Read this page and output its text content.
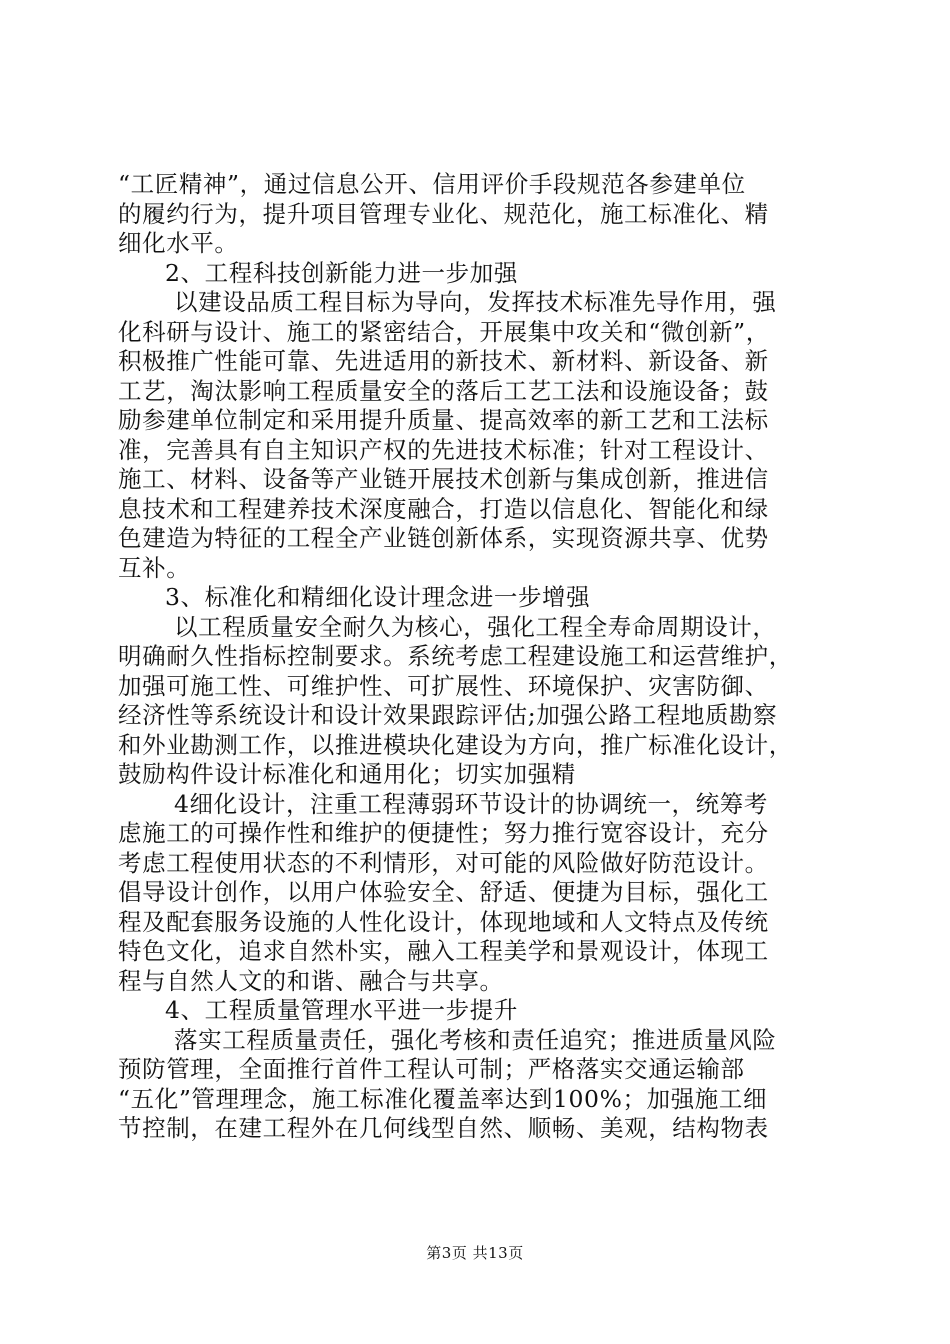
“工匠精神”，通过信息公开、信用评价手段规范各参建单位
的履约行为，提升项目管理专业化、规范化，施工标准化、精
细化水平。
2、工程科技创新能力进一步加强
以建设品质工程目标为导向，发挥技术标准先导作用，强
化科研与设计、施工的紧密结合，开展集中攻关和“微创新”，
积极推广性能可靠、先进适用的新技术、新材料、新设备、新
工艺，淘汰影响工程质量安全的落后工艺工法和设施设备；鼓
励参建单位制定和采用提升质量、提高效率的新工艺和工法标
准，完善具有自主知识产权的先进技术标准；针对工程设计、
施工、材料、设备等产业链开展技术创新与集成创新，推进信
息技术和工程建养技术深度融合，打造以信息化、智能化和绿
色建造为特征的工程全产业链创新体系，实现资源共享、优势
互补。
3、标准化和精细化设计理念进一步增强
以工程质量安全耐久为核心，强化工程全寿命周期设计，
明确耐久性指标控制要求。系统考虑工程建设施工和运营维护，
加强可施工性、可维护性、可扩展性、环境保护、灾害防御、
经济性等系统设计和设计效果跟踪评估;加强公路工程地质勘察
和外业勘测工作，以推进模块化建设为方向，推广标准化设计，
鼓励构件设计标准化和通用化；切实加强精
4细化设计，注重工程薄弱环节设计的协调统一，统筹考
虑施工的可操作性和维护的便捷性；努力推行宽容设计，充分
考虑工程使用状态的不利情形，对可能的风险做好防范设计。
倡导设计创作，以用户体验安全、舒适、便捷为目标，强化工
程及配套服务设施的人性化设计，体现地域和人文特点及传统
特色文化，追求自然朴实，融入工程美学和景观设计，体现工
程与自然人文的和谐、融合与共享。
4、工程质量管理水平进一步提升
落实工程质量责任，强化考核和责任追究；推进质量风险
预防管理，全面推行首件工程认可制；严格落实交通运输部
“五化”管理理念，施工标准化覆盖率达到100%；加强施工细
节控制，在建工程外在几何线型自然、顺畅、美观，结构物表
第3页 共13页
